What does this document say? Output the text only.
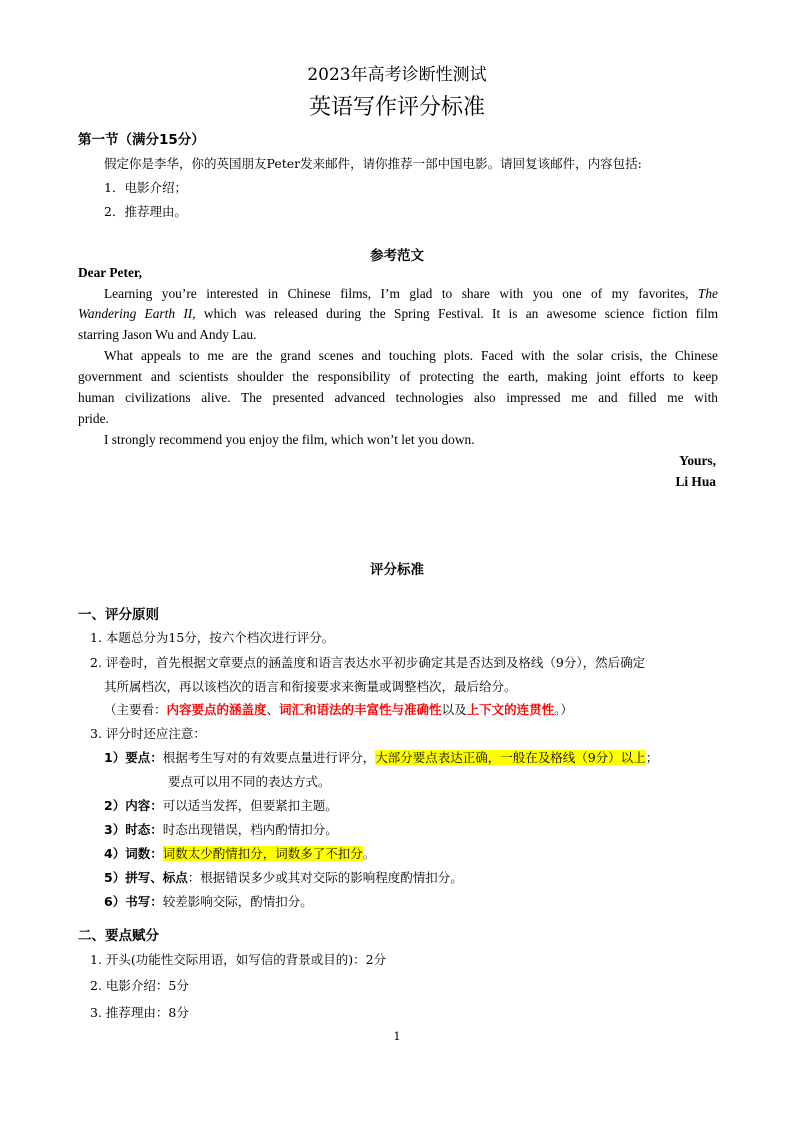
2023年高考诊断性测试
英语写作评分标准
第一节（满分15分）
假定你是李华，你的英国朋友Peter发来邮件，请你推荐一部中国电影。请回复该邮件，内容包括:
1．电影介绍；
2．推荐理由。
参考范文
Dear Peter,
Learning you’re interested in Chinese films, I’m glad to share with you one of my favorites, The
Wandering Earth II, which was released during the Spring Festival. It is an awesome science fiction film
starring Jason Wu and Andy Lau.
What appeals to me are the grand scenes and touching plots. Faced with the solar crisis, the Chinese
government and scientists shoulder the responsibility of protecting the earth, making joint efforts to keep
human civilizations alive. The presented advanced technologies also impressed me and filled me with
pride.
I strongly recommend you enjoy the film, which won’t let you down.
Yours,
Li Hua
评分标准
一、评分原则
1. 本题总分为15分，按六个档次进行评分。
2. 评卷时，首先根据文章要点的涵盖度和语言表达水平初步确定其是否达到及格线（9分），然后确定
其所属档次，再以该档次的语言和衔接要求来衡量或调整档次，最后给分。
（主要看：内容要点的涵盖度、词汇和语法的丰富性与准确性以及上下文的连贯性。）
3. 评分时还应注意：
1）要点：根据考生写对的有效要点量进行评分，大部分要点表达正确，一般在及格线（9分）以上；
要点可以用不同的表达方式。
2）内容：可以适当发挥，但要紧扣主题。
3）时态：时态出现错误，档内酌情扣分。
4）词数：词数太少酌情扣分，词数多了不扣分。
5）拼写、标点：根据错误多少或其对交际的影响程度酌情扣分。
6）书写：较差影响交际，酌情扣分。
二、要点赋分
1. 开头(功能性交际用语，如写信的背景或目的)：2分
2. 电影介绍：5分
3. 推荐理由：8分
1
